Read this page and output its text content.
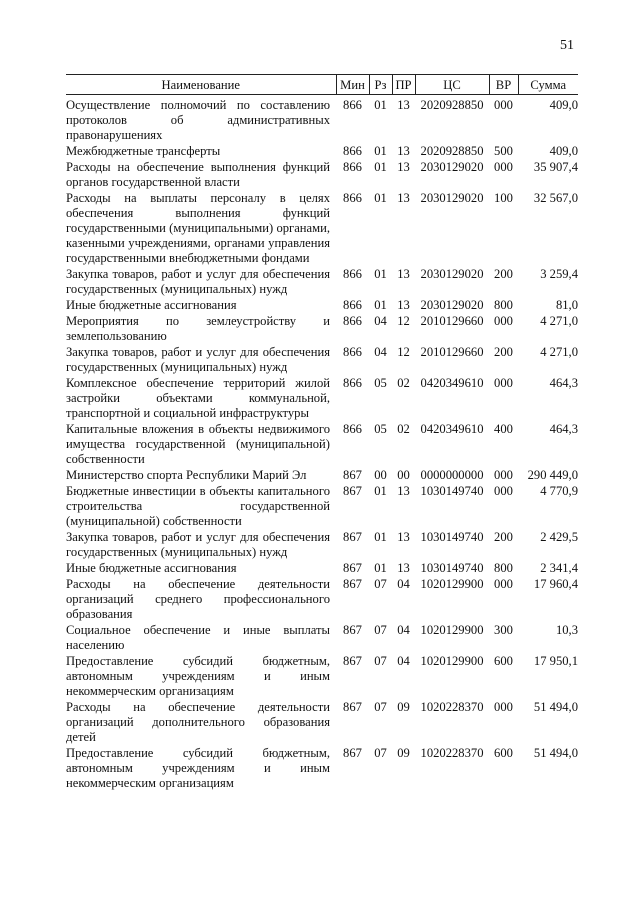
51
Наименование	Мин	Рз	ПР	ЦС	ВР	Сумма
Осуществление полномочий по составлению протоколов об административных правонарушениях	866	01	13	2020928850	000	409,0
Межбюджетные трансферты	866	01	13	2020928850	500	409,0
Расходы на обеспечение выполнения функций органов государственной власти	866	01	13	2030129020	000	35 907,4
Расходы на выплаты персоналу в целях обеспечения выполнения функций государственными (муниципальными) органами, казенными учреждениями, органами управления государственными внебюджетными фондами	866	01	13	2030129020	100	32 567,0
Закупка товаров, работ и услуг для обеспечения государственных (муниципальных) нужд	866	01	13	2030129020	200	3 259,4
Иные бюджетные ассигнования	866	01	13	2030129020	800	81,0
Мероприятия по землеустройству и землепользованию	866	04	12	2010129660	000	4 271,0
Закупка товаров, работ и услуг для обеспечения государственных (муниципальных) нужд	866	04	12	2010129660	200	4 271,0
Комплексное обеспечение территорий жилой застройки объектами коммунальной, транспортной и социальной инфраструктуры	866	05	02	0420349610	000	464,3
Капитальные вложения в объекты недвижимого имущества государственной (муниципальной) собственности	866	05	02	0420349610	400	464,3
Министерство спорта Республики Марий Эл	867	00	00	0000000000	000	290 449,0
Бюджетные инвестиции в объекты капитального строительства государственной (муниципальной) собственности	867	01	13	1030149740	000	4 770,9
Закупка товаров, работ и услуг для обеспечения государственных (муниципальных) нужд	867	01	13	1030149740	200	2 429,5
Иные бюджетные ассигнования	867	01	13	1030149740	800	2 341,4
Расходы на обеспечение деятельности организаций среднего профессионального образования	867	07	04	1020129900	000	17 960,4
Социальное обеспечение и иные выплаты населению	867	07	04	1020129900	300	10,3
Предоставление субсидий бюджетным, автономным учреждениям и иным некоммерческим организациям	867	07	04	1020129900	600	17 950,1
Расходы на обеспечение деятельности организаций дополнительного образования детей	867	07	09	1020228370	000	51 494,0
Предоставление субсидий бюджетным, автономным учреждениям и иным некоммерческим организациям	867	07	09	1020228370	600	51 494,0
